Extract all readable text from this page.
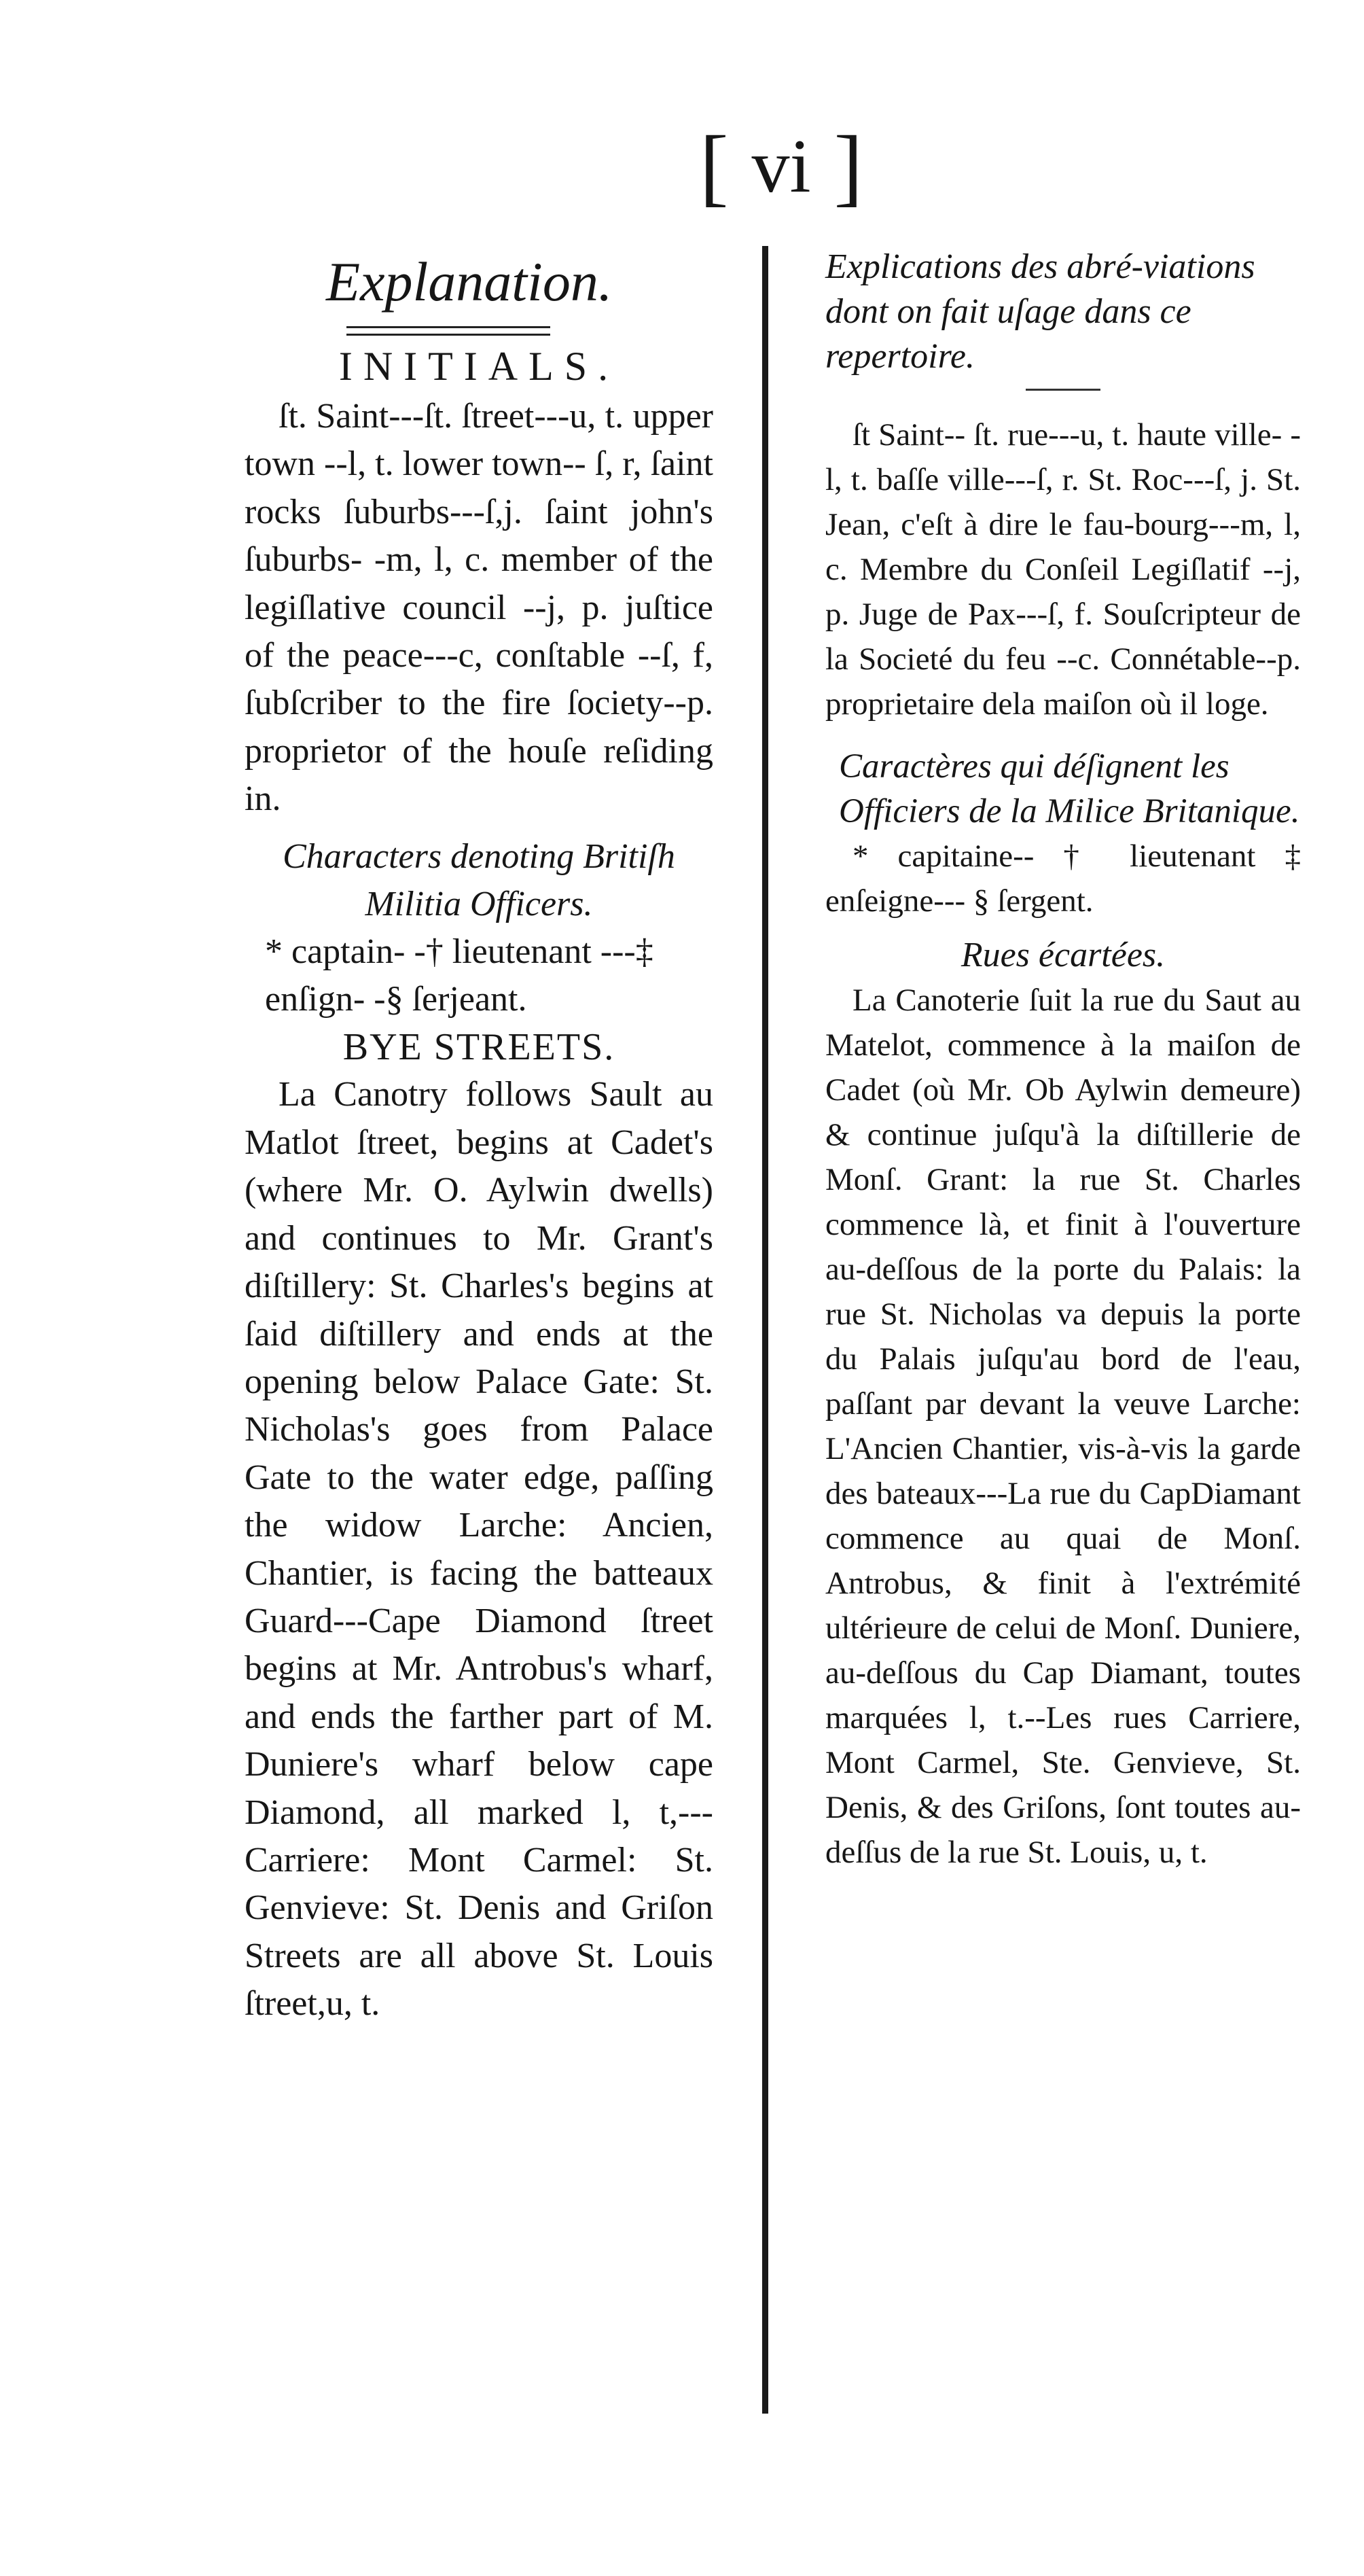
[ vi ]
Explanation.
INITIALS.

ſt. Saint---ſt. ſtreet---u, t. upper town --l, t. lower town-- ſ, r, ſaint rocks ſuburbs---ſ,j. ſaint john's ſuburbs- -m, l, c. member of the legiſlative council --j, p. juſtice of the peace---c, conſtable --ſ, f, ſubſcriber to the fire ſociety--p. proprietor of the houſe reſiding in.

Characters denoting Britiſh Militia Officers.

* captain- -† lieutenant ---‡ enſign- -§ ſerjeant.

BYE STREETS.

La Canotry follows Sault au Matlot ſtreet, begins at Cadet's (where Mr. O. Aylwin dwells) and continues to Mr. Grant's diſtillery: St. Charles's begins at ſaid diſtillery and ends at the opening below Palace Gate: St. Nicholas's goes from Palace Gate to the water edge, paſſing the widow Larche: Ancien, Chantier, is facing the batteaux Guard---Cape Diamond ſtreet begins at Mr. Antrobus's wharf, and ends the farther part of M. Duniere's wharf below cape Diamond, all marked l, t,---Carriere: Mont Carmel: St. Genvieve: St. Denis and Griſon Streets are all above St. Louis ſtreet,u, t.

Explications des abré-viations dont on fait uſage dans ce repertoire.

ſt Saint-- ſt. rue---u, t. haute ville- -l, t. baſſe ville---ſ, r. St. Roc---ſ, j. St. Jean, c'eſt à dire le fau-bourg---m, l, c. Membre du Conſeil Legiſlatif --j, p. Juge de Pax---ſ, f. Souſcripteur de la Societé du feu --c. Connétable--p. proprietaire dela maiſon où il loge.

Caractères qui déſignent les Officiers de la Milice Britanique.

* capitaine-- † lieutenant ‡ enſeigne--- § ſergent.

Rues écartées.

La Canoterie ſuit la rue du Saut au Matelot, commence à la maiſon de Cadet (où Mr. Ob Aylwin demeure) & continue juſqu'à la diſtillerie de Monſ. Grant: la rue St. Charles commence là, et finit à l'ouverture au-deſſous de la porte du Palais: la rue St. Nicholas va depuis la porte du Palais juſqu'au bord de l'eau, paſſant par devant la veuve Larche: L'Ancien Chantier, vis-à-vis la garde des bateaux---La rue du CapDiamant commence au quai de Monſ. Antrobus, & finit à l'extrémité ultérieure de celui de Monſ. Duniere, au-deſſous du Cap Diamant, toutes marquées l, t.--Les rues Carriere, Mont Carmel, Ste. Genvieve, St. Denis, & des Griſons, ſont toutes au-deſſus de la rue St. Louis, u, t.
